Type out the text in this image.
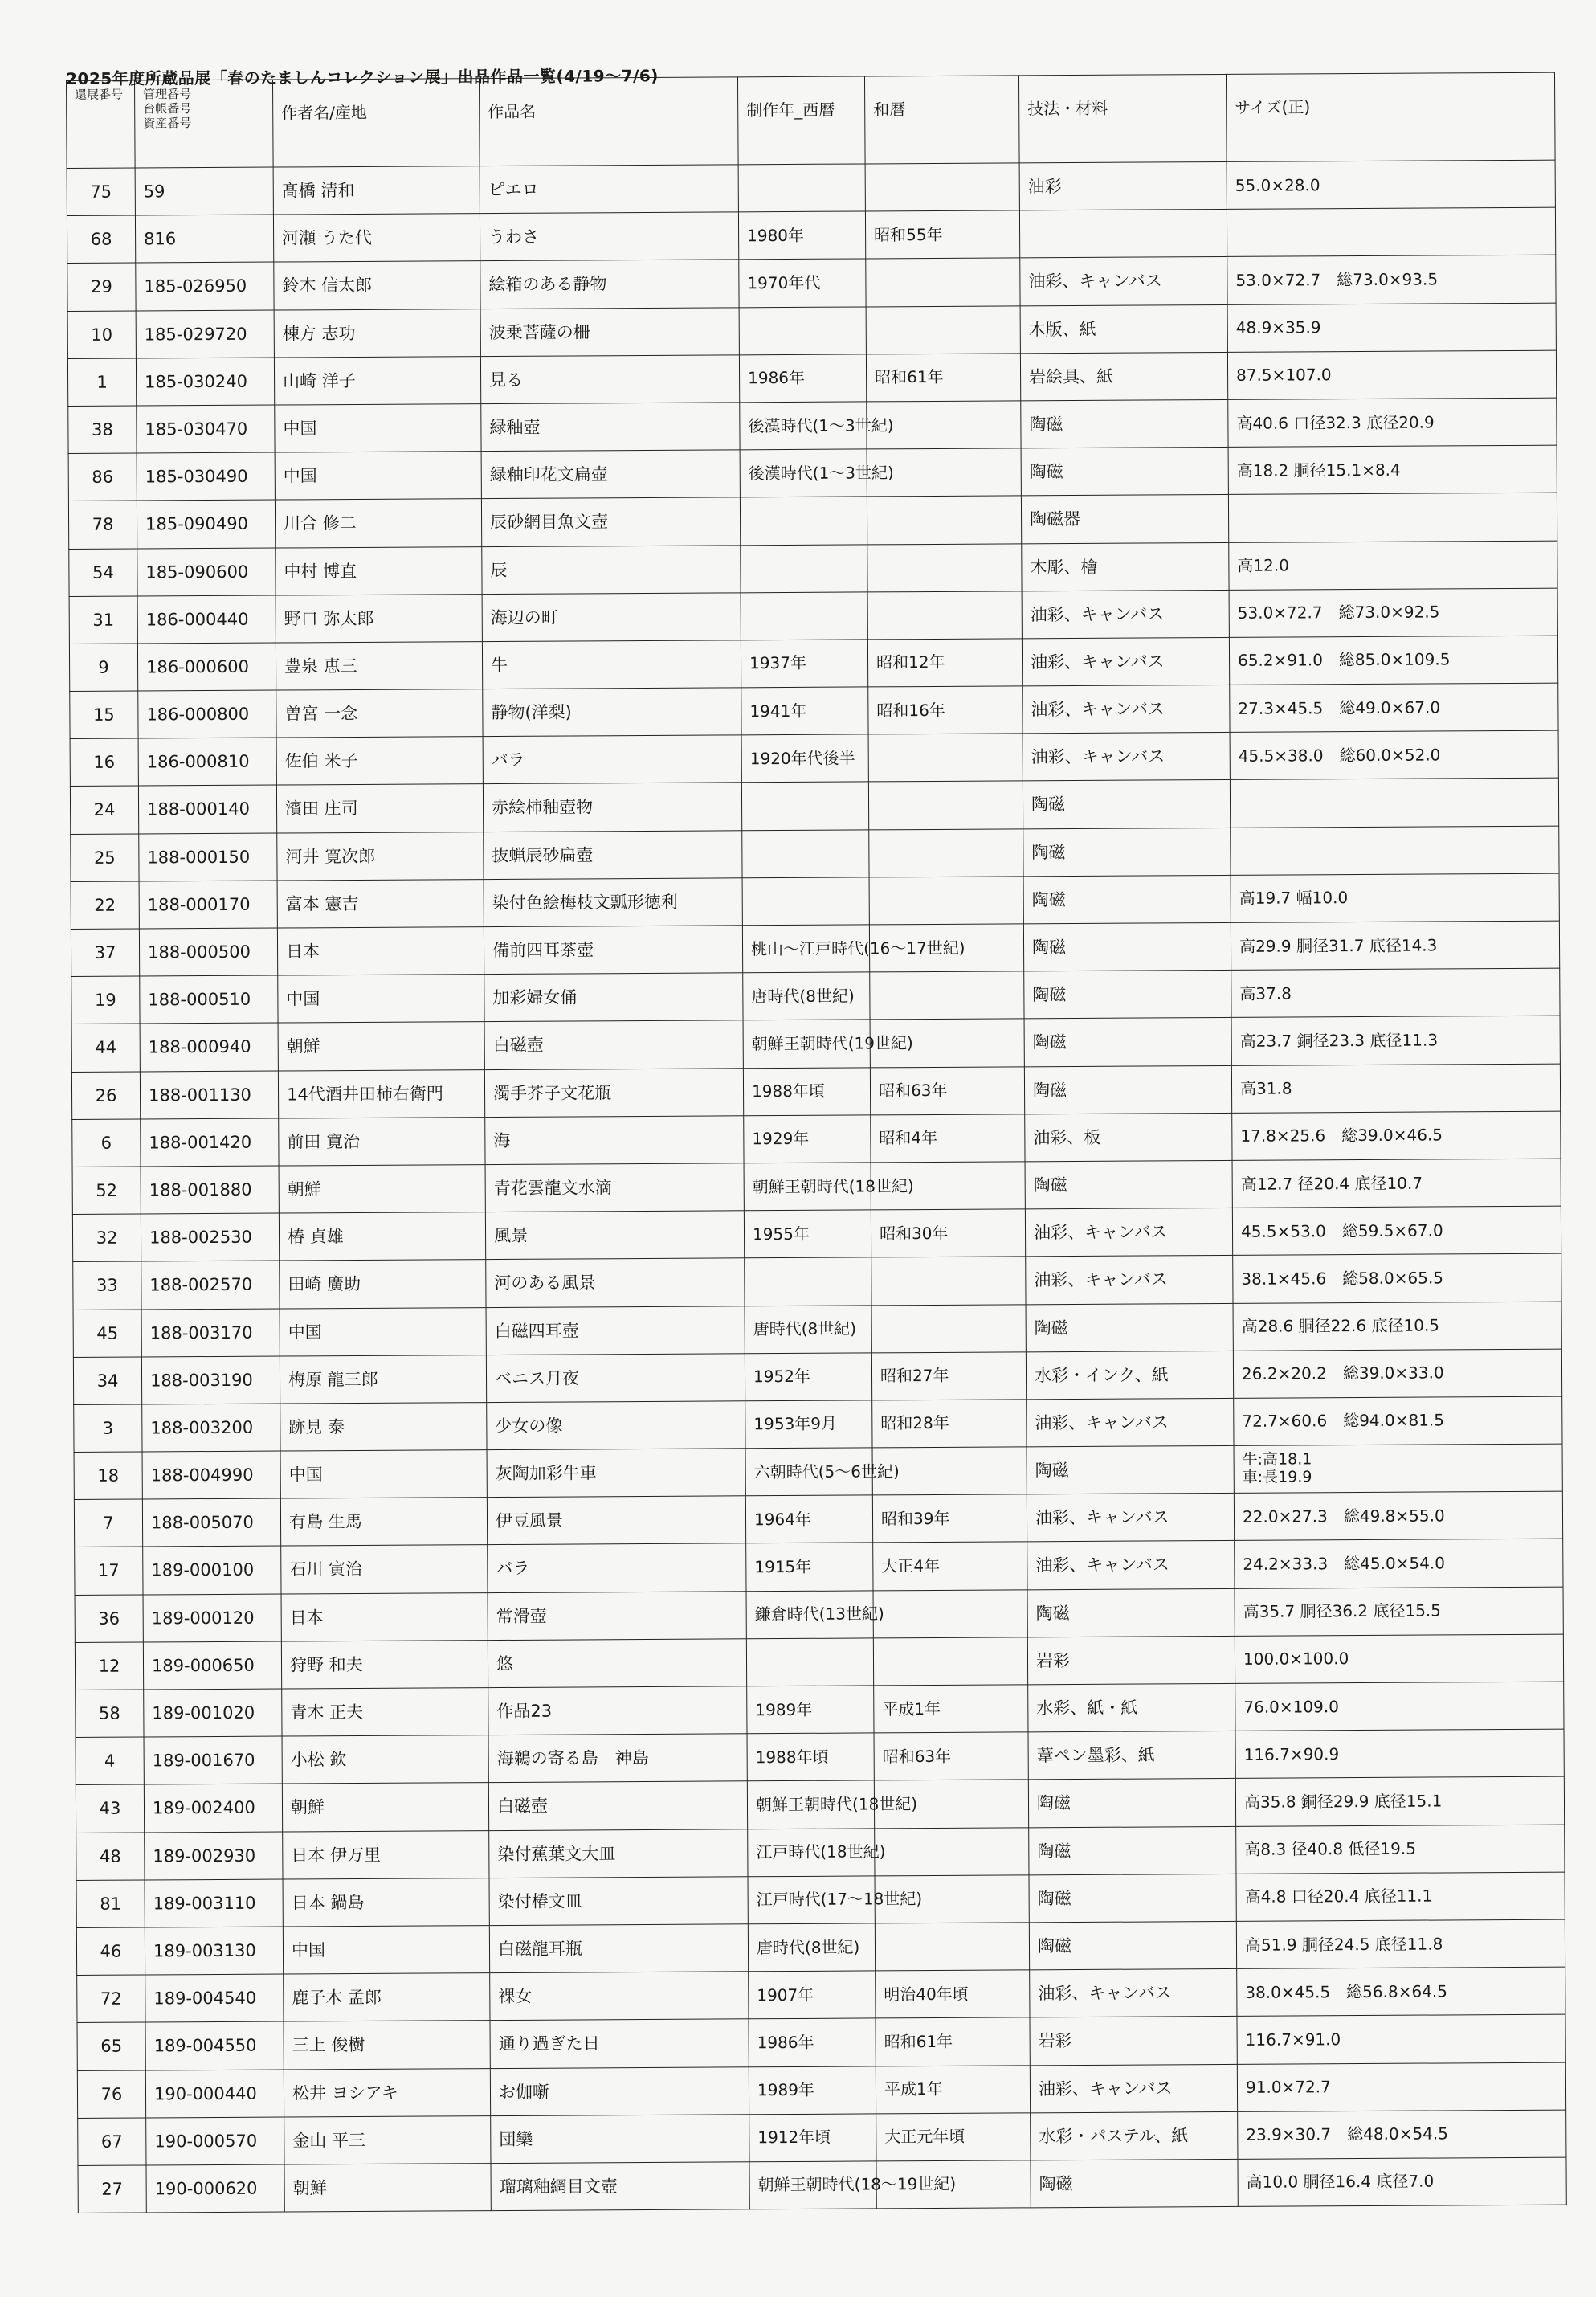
2025年度所蔵品展「春のたましんコレクション展」出品作品一覧(4/19〜7/6)
還展番号	管理番号
台帳番号
資産番号	作者名/産地	作品名	制作年_西暦	和暦	技法・材料	サイズ(正)
75	59	髙橋 清和	ピエロ			油彩	55.0×28.0
68	816	河瀬 うた代	うわさ	1980年	昭和55年		
29	185-026950	鈴木 信太郎	絵箱のある静物	1970年代		油彩、キャンバス	53.0×72.7　総73.0×93.5
10	185-029720	棟方 志功	波乗菩薩の柵			木版、紙	48.9×35.9
1	185-030240	山崎 洋子	見る	1986年	昭和61年	岩絵具、紙	87.5×107.0
38	185-030470	中国	緑釉壺	後漢時代(1〜3世紀)		陶磁	高40.6 口径32.3 底径20.9
86	185-030490	中国	緑釉印花文扁壺	後漢時代(1〜3世紀)		陶磁	高18.2 胴径15.1×8.4
78	185-090490	川合 修二	辰砂網目魚文壺			陶磁器	
54	185-090600	中村 博直	辰			木彫、檜	高12.0
31	186-000440	野口 弥太郎	海辺の町			油彩、キャンバス	53.0×72.7　総73.0×92.5
9	186-000600	豊泉 恵三	牛	1937年	昭和12年	油彩、キャンバス	65.2×91.0　総85.0×109.5
15	186-000800	曽宮 一念	静物(洋梨)	1941年	昭和16年	油彩、キャンバス	27.3×45.5　総49.0×67.0
16	186-000810	佐伯 米子	バラ	1920年代後半		油彩、キャンバス	45.5×38.0　総60.0×52.0
24	188-000140	濱田 庄司	赤絵柿釉壺物			陶磁	
25	188-000150	河井 寛次郎	抜蝋辰砂扁壺			陶磁	
22	188-000170	富本 憲吉	染付色絵梅枝文瓢形徳利			陶磁	高19.7 幅10.0
37	188-000500	日本	備前四耳茶壺	桃山〜江戸時代(16〜17世紀)		陶磁	高29.9 胴径31.7 底径14.3
19	188-000510	中国	加彩婦女俑	唐時代(8世紀)		陶磁	高37.8
44	188-000940	朝鮮	白磁壺	朝鮮王朝時代(19世紀)		陶磁	高23.7 銅径23.3 底径11.3
26	188-001130	14代酒井田柿右衛門	濁手芥子文花瓶	1988年頃	昭和63年	陶磁	高31.8
6	188-001420	前田 寛治	海	1929年	昭和4年	油彩、板	17.8×25.6　総39.0×46.5
52	188-001880	朝鮮	青花雲龍文水滴	朝鮮王朝時代(18世紀)		陶磁	高12.7 径20.4 底径10.7
32	188-002530	椿 貞雄	風景	1955年	昭和30年	油彩、キャンバス	45.5×53.0　総59.5×67.0
33	188-002570	田崎 廣助	河のある風景			油彩、キャンバス	38.1×45.6　総58.0×65.5
45	188-003170	中国	白磁四耳壺	唐時代(8世紀)		陶磁	高28.6 胴径22.6 底径10.5
34	188-003190	梅原 龍三郎	ベニス月夜	1952年	昭和27年	水彩・インク、紙	26.2×20.2　総39.0×33.0
3	188-003200	跡見 泰	少女の像	1953年9月	昭和28年	油彩、キャンバス	72.7×60.6　総94.0×81.5
18	188-004990	中国	灰陶加彩牛車	六朝時代(5〜6世紀)		陶磁	牛:高18.1
車:長19.9

7	188-005070	有島 生馬	伊豆風景	1964年	昭和39年	油彩、キャンバス	22.0×27.3　総49.8×55.0
17	189-000100	石川 寅治	バラ	1915年	大正4年	油彩、キャンバス	24.2×33.3　総45.0×54.0
36	189-000120	日本	常滑壺	鎌倉時代(13世紀)		陶磁	高35.7 胴径36.2 底径15.5
12	189-000650	狩野 和夫	悠			岩彩	100.0×100.0
58	189-001020	青木 正夫	作品23	1989年	平成1年	水彩、紙・紙	76.0×109.0
4	189-001670	小松 欽	海鵜の寄る島　神島	1988年頃	昭和63年	葦ペン墨彩、紙	116.7×90.9
43	189-002400	朝鮮	白磁壺	朝鮮王朝時代(18世紀)		陶磁	高35.8 銅径29.9 底径15.1
48	189-002930	日本 伊万里	染付蕉葉文大皿	江戸時代(18世紀)		陶磁	高8.3 径40.8 低径19.5
81	189-003110	日本 鍋島	染付椿文皿	江戸時代(17〜18世紀)		陶磁	高4.8 口径20.4 底径11.1
46	189-003130	中国	白磁龍耳瓶	唐時代(8世紀)		陶磁	高51.9 胴径24.5 底径11.8
72	189-004540	鹿子木 孟郎	裸女	1907年	明治40年頃	油彩、キャンバス	38.0×45.5　総56.8×64.5
65	189-004550	三上 俊樹	通り過ぎた日	1986年	昭和61年	岩彩	116.7×91.0
76	190-000440	松井 ヨシアキ	お伽噺	1989年	平成1年	油彩、キャンバス	91.0×72.7
67	190-000570	金山 平三	団欒	1912年頃	大正元年頃	水彩・パステル、紙	23.9×30.7　総48.0×54.5
27	190-000620	朝鮮	瑠璃釉網目文壺	朝鮮王朝時代(18〜19世紀)		陶磁	高10.0 胴径16.4 底径7.0
